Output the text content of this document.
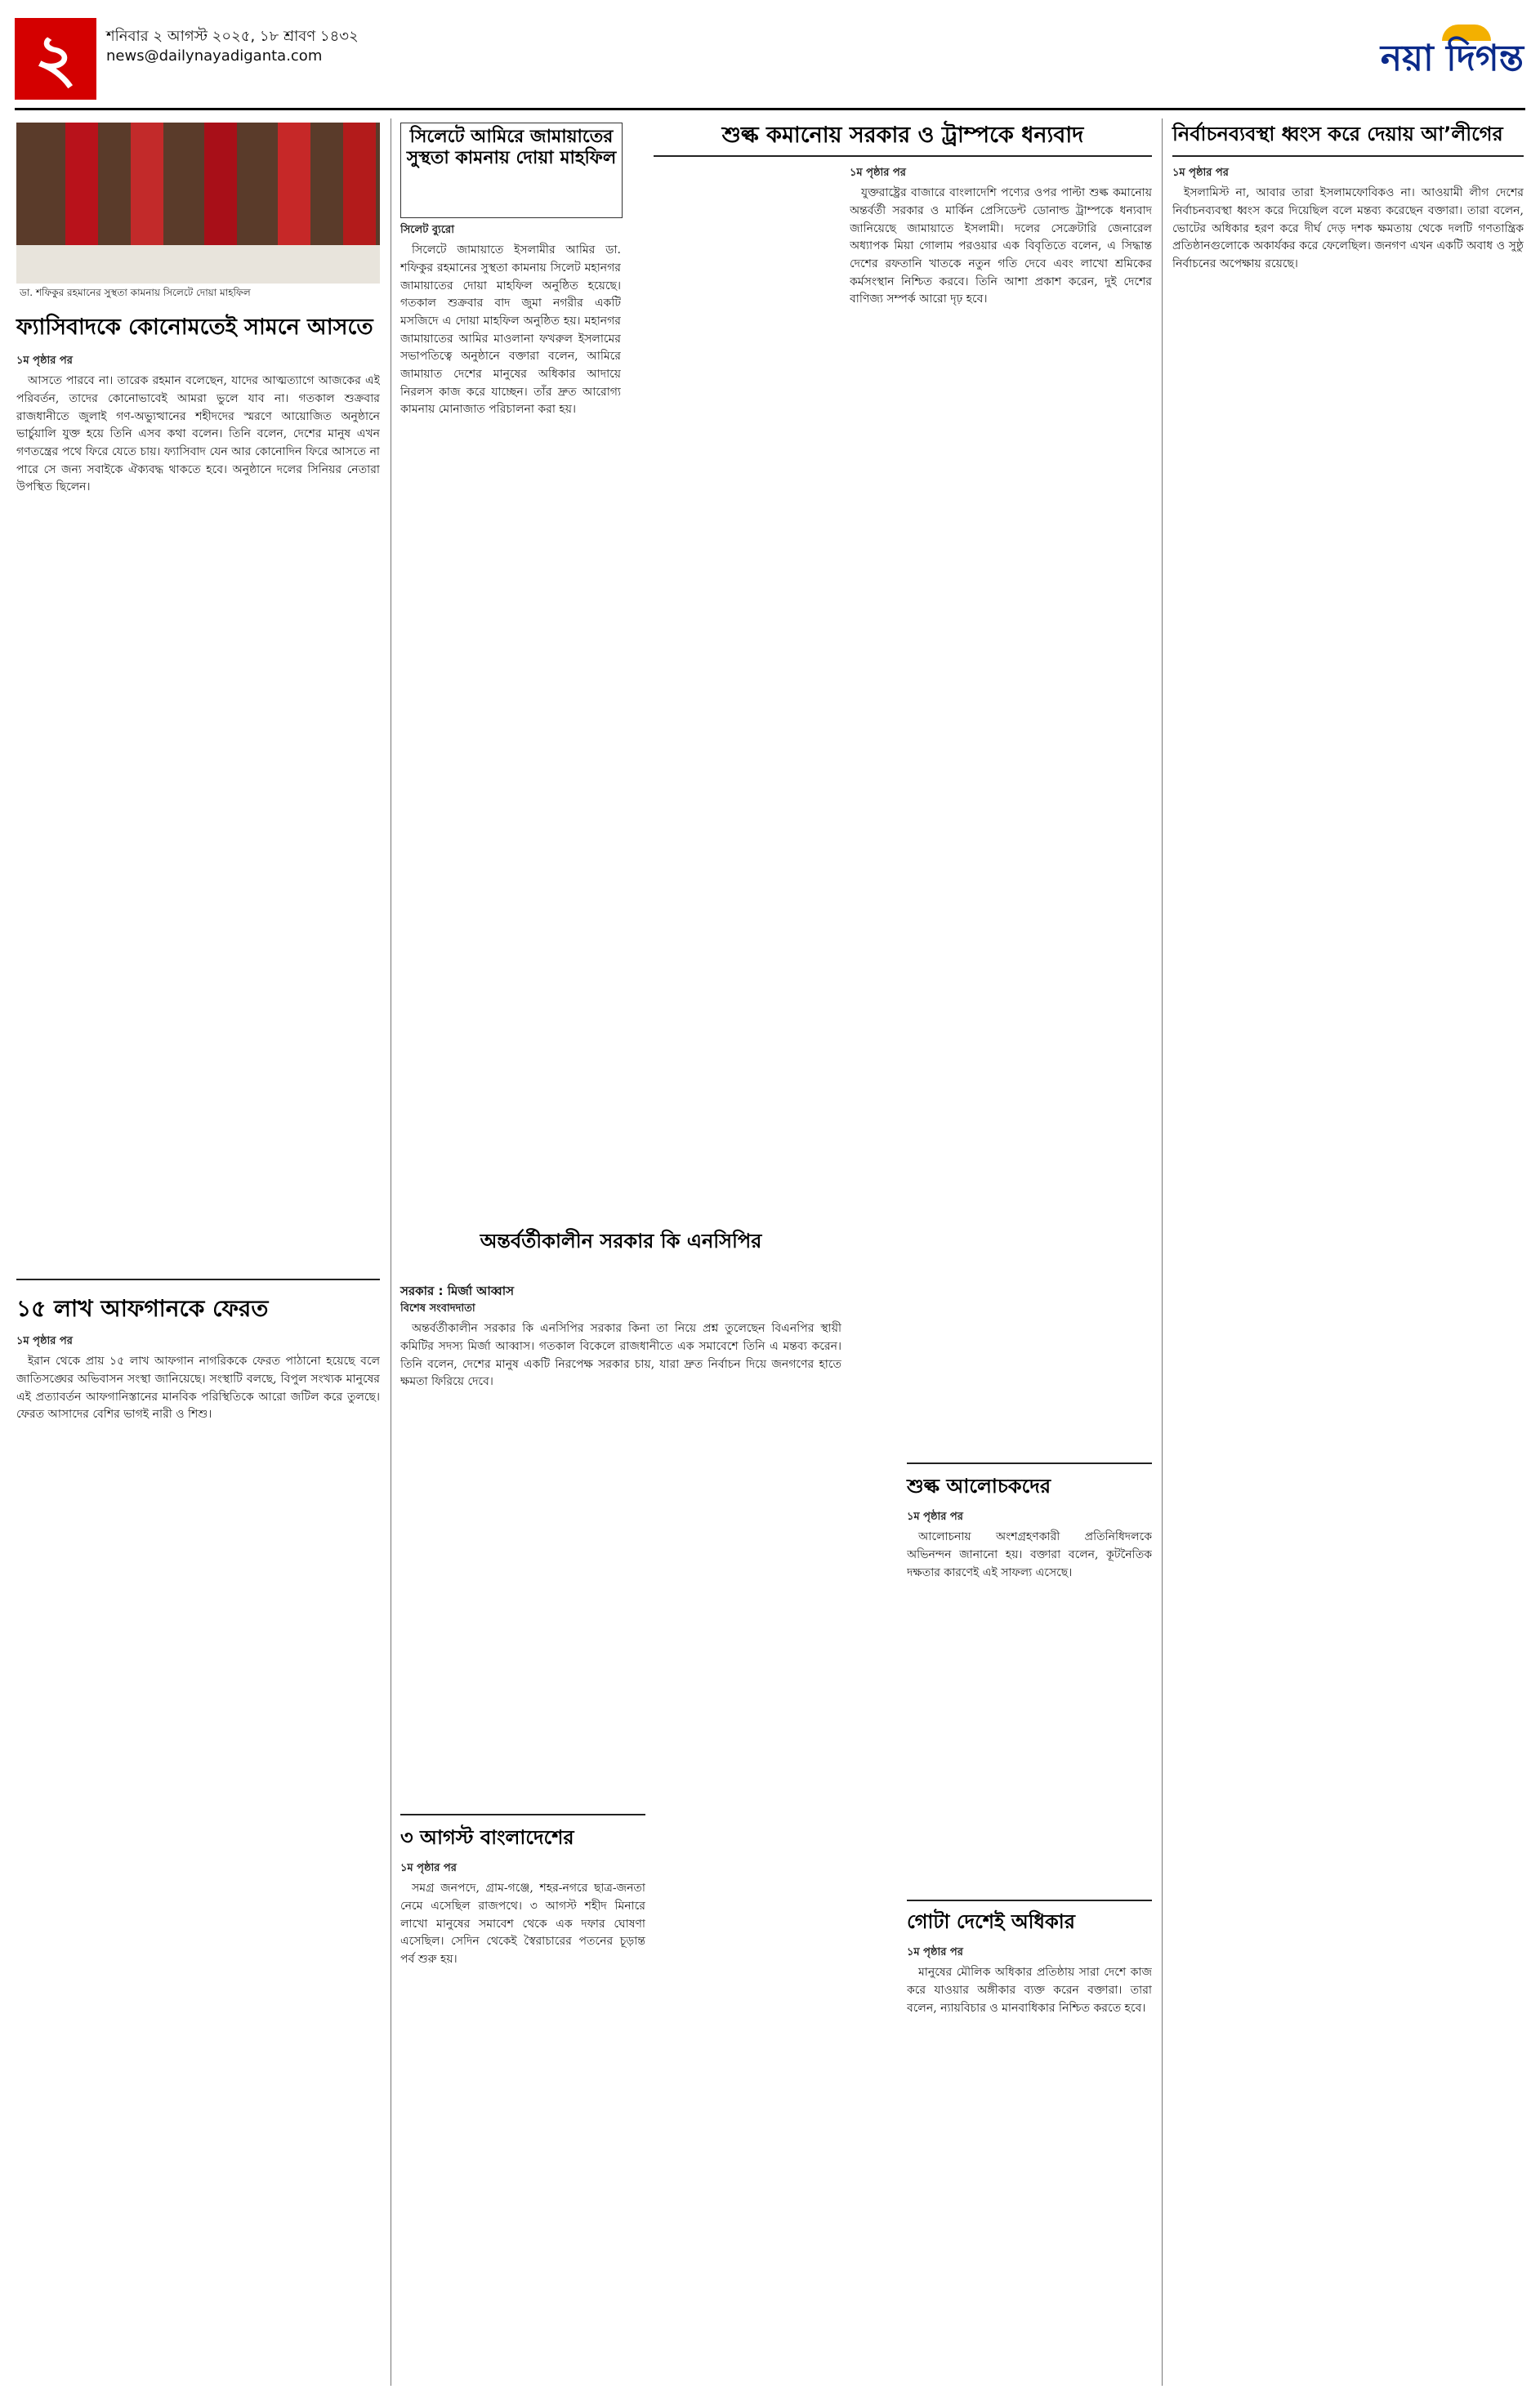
২	শনিবার ২ আগস্ট ২০২৫, ১৮ শ্রাবণ ১৪৩২
news@dailynayadiganta.com	নয়া দিগন্ত
ডা. শফিকুর রহমানের সুস্থতা কামনায় সিলেটে দোয়া মাহফিল
ফ্যাসিবাদকে কোনোমতেই সামনে আসতে
১ম পৃষ্ঠার পর

আসতে পারবে না। তারেক রহমান বলেছেন, যাদের আত্মত্যাগে আজকের এই পরিবর্তন, তাদের কোনোভাবেই আমরা ভুলে যাব না। গতকাল শুক্রবার রাজধানীতে জুলাই গণ-অভ্যুত্থানের শহীদদের স্মরণে আয়োজিত অনুষ্ঠানে ভার্চুয়ালি যুক্ত হয়ে তিনি এসব কথা বলেন। তিনি বলেন, দেশের মানুষ এখন গণতন্ত্রের পথে ফিরে যেতে চায়। ফ্যাসিবাদ যেন আর কোনোদিন ফিরে আসতে না পারে সে জন্য সবাইকে ঐক্যবদ্ধ থাকতে হবে। অনুষ্ঠানে দলের সিনিয়র নেতারা উপস্থিত ছিলেন।

১৫ লাখ আফগানকে ফেরত
১ম পৃষ্ঠার পর

ইরান থেকে প্রায় ১৫ লাখ আফগান নাগরিককে ফেরত পাঠানো হয়েছে বলে জাতিসঙ্ঘের অভিবাসন সংস্থা জানিয়েছে। সংস্থাটি বলছে, বিপুল সংখ্যক মানুষের এই প্রত্যাবর্তন আফগানিস্তানের মানবিক পরিস্থিতিকে আরো জটিল করে তুলছে। ফেরত আসাদের বেশির ভাগই নারী ও শিশু।

সিলেটে আমিরে জামায়াতের সুস্থতা কামনায় দোয়া মাহফিল
সিলেট ব্যুরো

সিলেটে জামায়াতে ইসলামীর আমির ডা. শফিকুর রহমানের সুস্থতা কামনায় সিলেট মহানগর জামায়াতের দোয়া মাহফিল অনুষ্ঠিত হয়েছে। গতকাল শুক্রবার বাদ জুমা নগরীর একটি মসজিদে এ দোয়া মাহফিল অনুষ্ঠিত হয়। মহানগর জামায়াতের আমির মাওলানা ফখরুল ইসলামের সভাপতিত্বে অনুষ্ঠানে বক্তারা বলেন, আমিরে জামায়াত দেশের মানুষের অধিকার আদায়ে নিরলস কাজ করে যাচ্ছেন। তাঁর দ্রুত আরোগ্য কামনায় মোনাজাত পরিচালনা করা হয়।

অন্তর্বর্তীকালীন সরকার কি এনসিপির
সরকার : মির্জা আব্বাস
বিশেষ সংবাদদাতা

অন্তর্বর্তীকালীন সরকার কি এনসিপির সরকার কিনা তা নিয়ে প্রশ্ন তুলেছেন বিএনপির স্থায়ী কমিটির সদস্য মির্জা আব্বাস। গতকাল বিকেলে রাজধানীতে এক সমাবেশে তিনি এ মন্তব্য করেন। তিনি বলেন, দেশের মানুষ একটি নিরপেক্ষ সরকার চায়, যারা দ্রুত নির্বাচন দিয়ে জনগণের হাতে ক্ষমতা ফিরিয়ে দেবে।

৩ আগস্ট বাংলাদেশের
১ম পৃষ্ঠার পর

সমগ্র জনপদে, গ্রাম-গঞ্জে, শহর-নগরে ছাত্র-জনতা নেমে এসেছিল রাজপথে। ৩ আগস্ট শহীদ মিনারে লাখো মানুষের সমাবেশ থেকে এক দফার ঘোষণা এসেছিল। সেদিন থেকেই স্বৈরাচারের পতনের চূড়ান্ত পর্ব শুরু হয়।

শুল্ক কমানোয় সরকার ও ট্রাম্পকে ধন্যবাদ
১ম পৃষ্ঠার পর

যুক্তরাষ্ট্রের বাজারে বাংলাদেশি পণ্যের ওপর পাল্টা শুল্ক কমানোয় অন্তর্বর্তী সরকার ও মার্কিন প্রেসিডেন্ট ডোনাল্ড ট্রাম্পকে ধন্যবাদ জানিয়েছে জামায়াতে ইসলামী। দলের সেক্রেটারি জেনারেল অধ্যাপক মিয়া গোলাম পরওয়ার এক বিবৃতিতে বলেন, এ সিদ্ধান্ত দেশের রফতানি খাতকে নতুন গতি দেবে এবং লাখো শ্রমিকের কর্মসংস্থান নিশ্চিত করবে। তিনি আশা প্রকাশ করেন, দুই দেশের বাণিজ্য সম্পর্ক আরো দৃঢ় হবে।

শুল্ক আলোচকদের
১ম পৃষ্ঠার পর

আলোচনায় অংশগ্রহণকারী প্রতিনিধিদলকে অভিনন্দন জানানো হয়। বক্তারা বলেন, কূটনৈতিক দক্ষতার কারণেই এই সাফল্য এসেছে।

গোটা দেশেই অধিকার
১ম পৃষ্ঠার পর

মানুষের মৌলিক অধিকার প্রতিষ্ঠায় সারা দেশে কাজ করে যাওয়ার অঙ্গীকার ব্যক্ত করেন বক্তারা। তারা বলেন, ন্যায়বিচার ও মানবাধিকার নিশ্চিত করতে হবে।

নির্বাচনব্যবস্থা ধ্বংস করে দেয়ায় আ’লীগের
১ম পৃষ্ঠার পর

ইসলামিস্ট না, আবার তারা ইসলামফোবিকও না। আওয়ামী লীগ দেশের নির্বাচনব্যবস্থা ধ্বংস করে দিয়েছিল বলে মন্তব্য করেছেন বক্তারা। তারা বলেন, ভোটের অধিকার হরণ করে দীর্ঘ দেড় দশক ক্ষমতায় থেকে দলটি গণতান্ত্রিক প্রতিষ্ঠানগুলোকে অকার্যকর করে ফেলেছিল। জনগণ এখন একটি অবাধ ও সুষ্ঠু নির্বাচনের অপেক্ষায় রয়েছে।
